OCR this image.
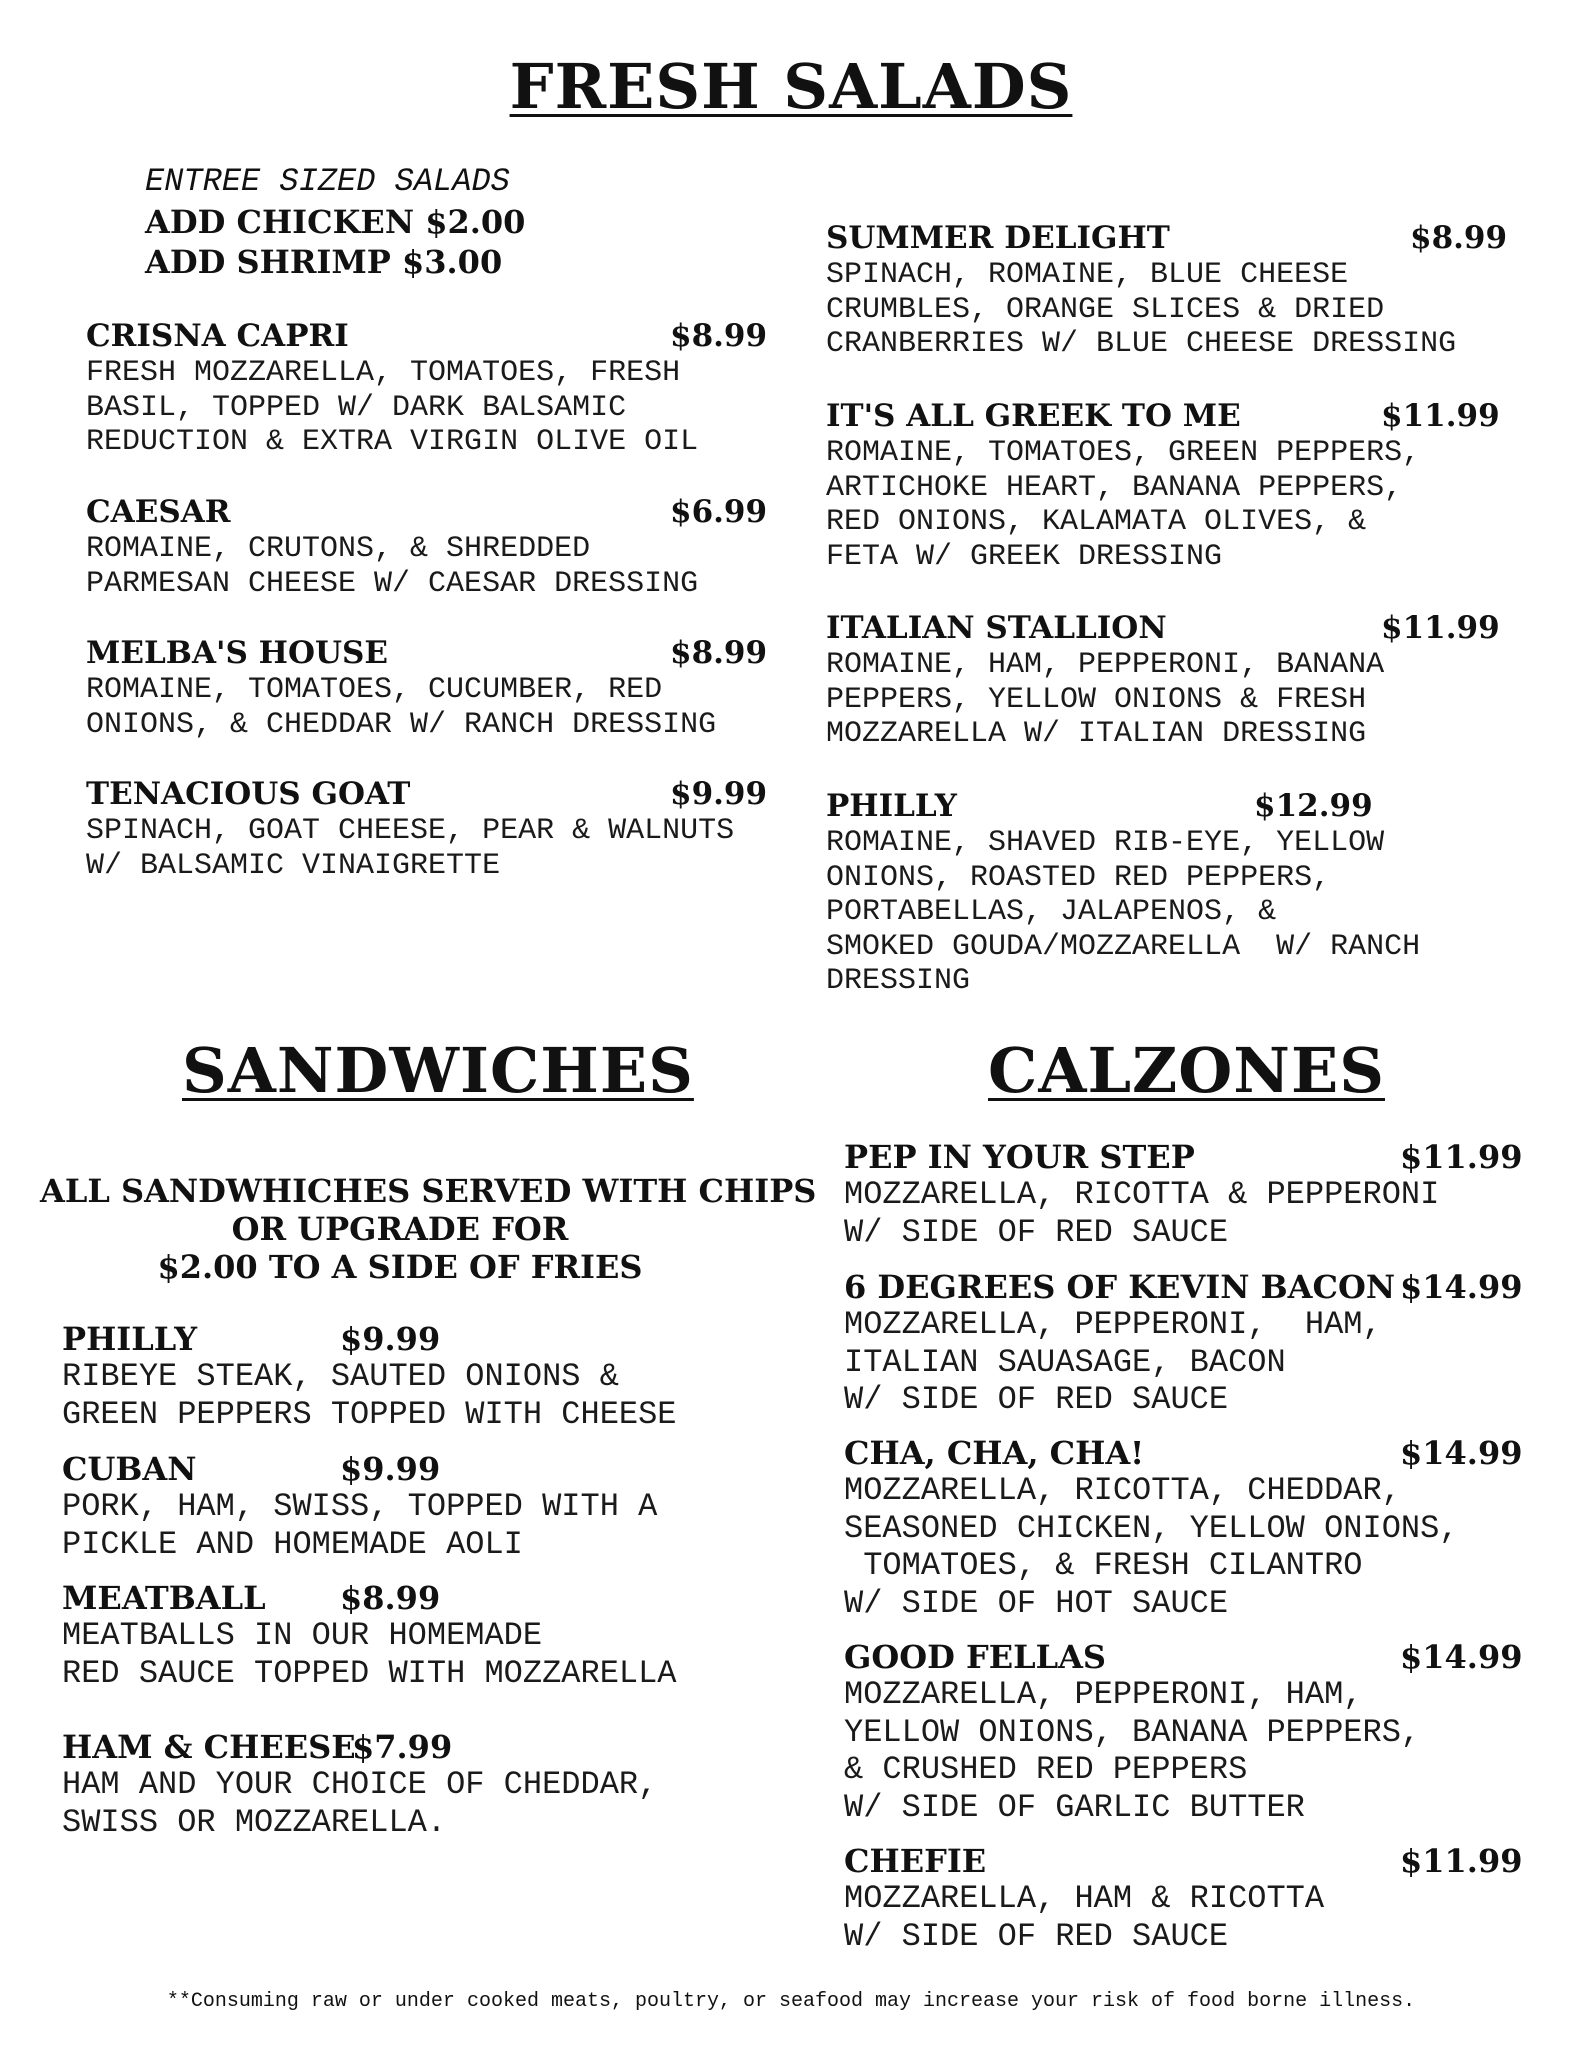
FRESH SALADS
ENTREE SIZED SALADS
ADD CHICKEN $2.00
ADD SHRIMP $3.00
CRISNA CAPRI	$8.99
FRESH MOZZARELLA, TOMATOES, FRESH
BASIL, TOPPED W/ DARK BALSAMIC
REDUCTION & EXTRA VIRGIN OLIVE OIL
CAESAR	$6.99
ROMAINE, CRUTONS, & SHREDDED
PARMESAN CHEESE W/ CAESAR DRESSING
MELBA'S HOUSE	$8.99
ROMAINE, TOMATOES, CUCUMBER, RED
ONIONS, & CHEDDAR W/ RANCH DRESSING
TENACIOUS GOAT	$9.99
SPINACH, GOAT CHEESE, PEAR & WALNUTS
W/ BALSAMIC VINAIGRETTE
SUMMER DELIGHT	$8.99
SPINACH, ROMAINE, BLUE CHEESE
CRUMBLES, ORANGE SLICES & DRIED
CRANBERRIES W/ BLUE CHEESE DRESSING
IT'S ALL GREEK TO ME	$11.99
ROMAINE, TOMATOES, GREEN PEPPERS,
ARTICHOKE HEART, BANANA PEPPERS,
RED ONIONS, KALAMATA OLIVES, &
FETA W/ GREEK DRESSING
ITALIAN STALLION	$11.99
ROMAINE, HAM, PEPPERONI, BANANA
PEPPERS, YELLOW ONIONS & FRESH
MOZZARELLA W/ ITALIAN DRESSING
PHILLY	$12.99
ROMAINE, SHAVED RIB-EYE, YELLOW
ONIONS, ROASTED RED PEPPERS,
PORTABELLAS, JALAPENOS, &
SMOKED GOUDA/MOZZARELLA  W/ RANCH
DRESSING
SANDWICHES
ALL SANDWHICHES SERVED WITH CHIPS
OR UPGRADE FOR
$2.00 TO A SIDE OF FRIES
PHILLY	$9.99
RIBEYE STEAK, SAUTED ONIONS &
GREEN PEPPERS TOPPED WITH CHEESE
CUBAN	$9.99
PORK, HAM, SWISS, TOPPED WITH A
PICKLE AND HOMEMADE AOLI
MEATBALL $8.99
MEATBALLS IN OUR HOMEMADE
RED SAUCE TOPPED WITH MOZZARELLA
HAM & CHEESE
$7.99
HAM AND YOUR CHOICE OF CHEDDAR,
SWISS OR MOZZARELLA.
CALZONES
PEP IN YOUR STEP	$11.99
MOZZARELLA, RICOTTA & PEPPERONI
W/ SIDE OF RED SAUCE
6 DEGREES OF KEVIN BACON $14.99
MOZZARELLA, PEPPERONI,  HAM,
ITALIAN SAUASAGE, BACON
W/ SIDE OF RED SAUCE
CHA, CHA, CHA!	$14.99
MOZZARELLA, RICOTTA, CHEDDAR,
SEASONED CHICKEN, YELLOW ONIONS,
TOMATOES, & FRESH CILANTRO
W/ SIDE OF HOT SAUCE
GOOD FELLAS	$14.99
MOZZARELLA, PEPPERONI, HAM,
YELLOW ONIONS, BANANA PEPPERS,
& CRUSHED RED PEPPERS
W/ SIDE OF GARLIC BUTTER
CHEFIE	$11.99
MOZZARELLA, HAM & RICOTTA
W/ SIDE OF RED SAUCE
**Consuming raw or under cooked meats, poultry, or seafood may increase your risk of food borne illness.
